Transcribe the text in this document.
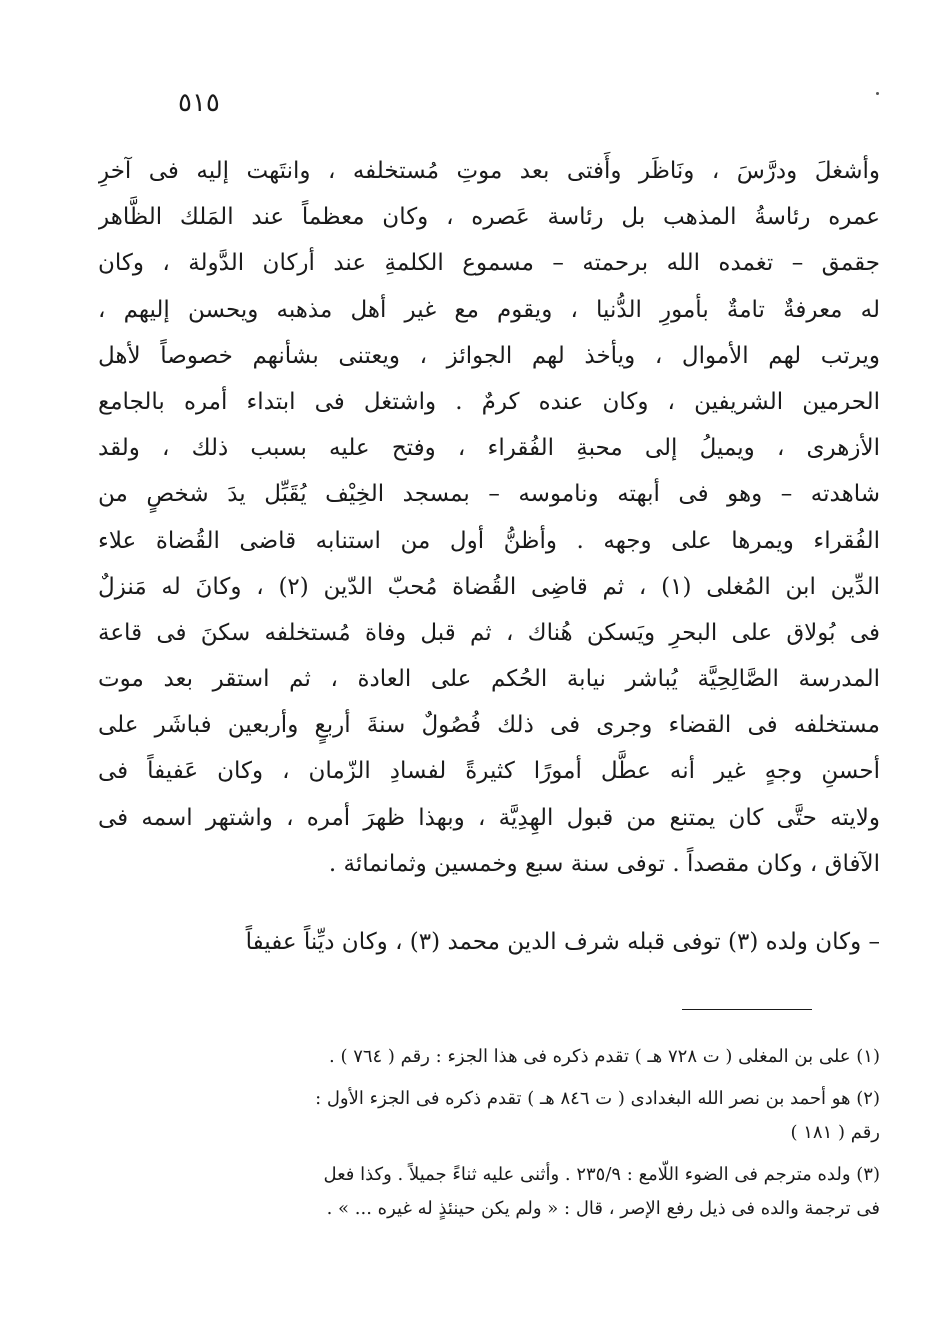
٥١٥
وأشغلَ ودرَّسَ ، ونَاظَر وأَفتى بعد موتِ مُستخلفه ، وانتَهت إليه فى آخرِ
عمره رئاسةُ المذهب بل رئاسة عَصره ، وكان معظماً عند المَلك الظَّاهر
جقمق – تغمده الله برحمته – مسموع الكلمةِ عند أركان الدَّولة ، وكان
له معرفةٌ تامةٌ بأمورِ الدُّنيا ، ويقوم مع غير أهل مذهبه ويحسن إليهم ،
ويرتب لهم الأموال ، ويأخذ لهم الجوائز ، ويعتنى بشأنهم خصوصاً لأهل
الحرمين الشريفين ، وكان عنده كرمٌ . واشتغل فى ابتداء أمره بالجامع
الأزهرى ، ويميلُ إلى محبةِ الفُقراء ، وفتح عليه بسبب ذلك ، ولقد
شاهدته – وهو فى أبهته وناموسه – بمسجد الخِيْف يُقَبِّل يدَ شخصٍ من
الفُقراء ويمرها على وجهه . وأظنُّ أول من استنابه قاضى القُضاة علاء
الدِّين ابن المُغلى (١) ، ثم قاضِى القُضاة مُحبّ الدّين (٢) ، وكانَ له مَنزلٌ
فى بُولاق على البحرِ ويَسكن هُناك ، ثم قبل وفاة مُستخلفه سكنَ فى قاعة
المدرسة الصَّالِحِيَّة يُباشر نيابة الحُكم على العادة ، ثم استقر بعد موت
مستخلفه فى القضاء وجرى فى ذلك فُصُولٌ سنةَ أربعٍ وأربعين فباشَر على
أحسنِ وجهٍ غير أنه عطَّل أمورًا كثيرةً لفسادِ الزّمان ، وكان عَفيفاً فى
ولايته حتَّى كان يمتنع من قبول الهِدِيَّة ، وبهذا ظهرَ أمره ، واشتهر اسمه فى
الآفاق ، وكان مقصداً . توفى سنة سبع وخمسين وثمانمائة .
– وكان ولده (٣) توفى قبله شرف الدين محمد (٣) ، وكان ديِّناً عفيفاً
(١) على بن المغلى ( ت ٧٢٨ هـ ) تقدم ذكره فى هذا الجزء : رقم ( ٧٦٤ ) .
(٢) هو أحمد بن نصر الله البغدادى ( ت ٨٤٦ هـ ) تقدم ذكره فى الجزء الأول :
رقم ( ١٨١ )
(٣) ولده مترجم فى الضوء اللّامع : ٢٣٥/٩ . وأثنى عليه ثناءً جميلاً . وكذا فعل
فى ترجمة والده فى ذيل رفع الإصر ، قال : « ولم يكن حينئذٍ له غيره ... » .
